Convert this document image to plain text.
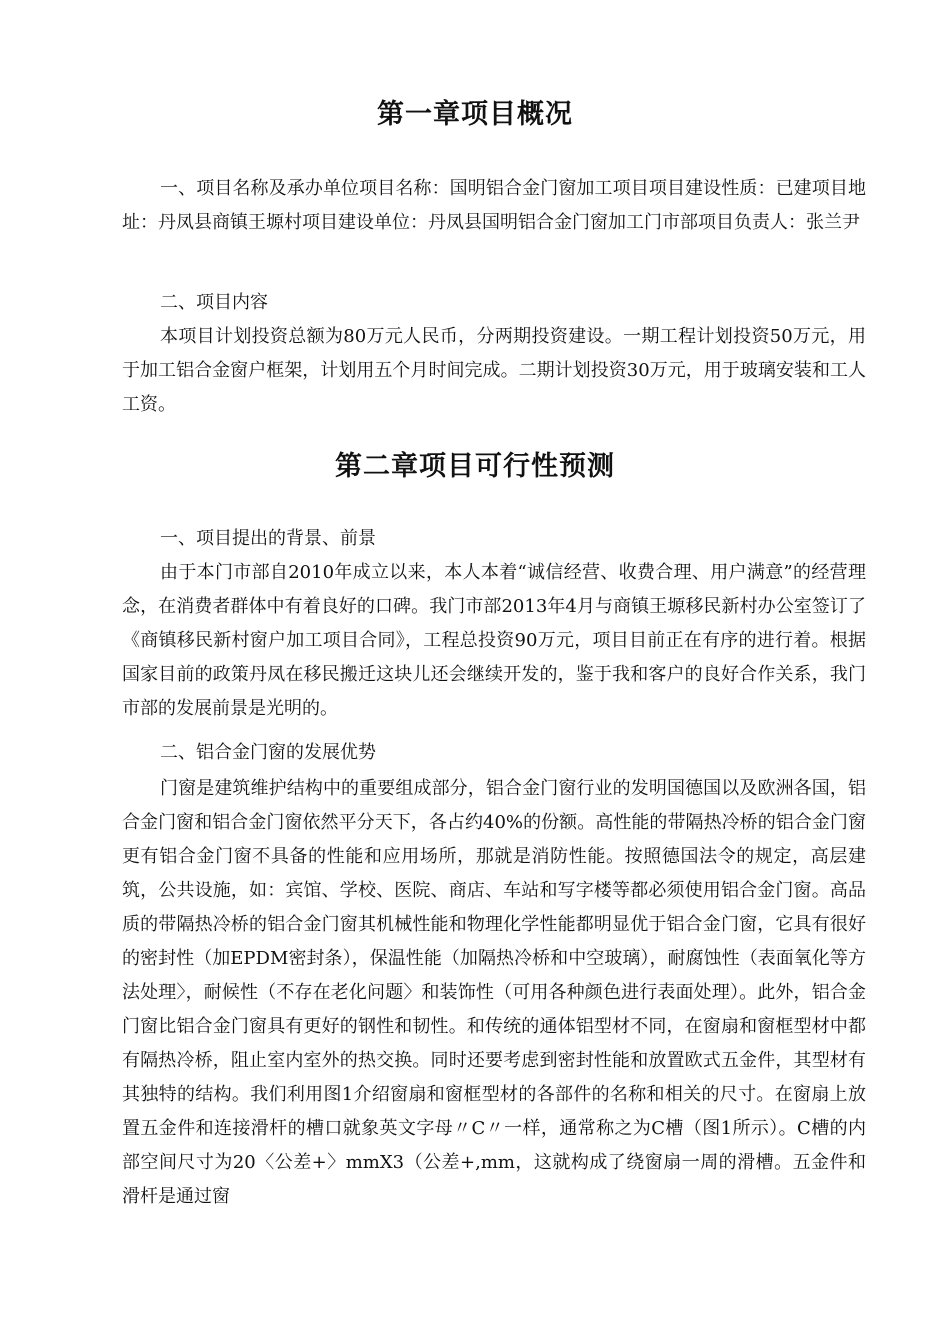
第一章项目概况

一、项目名称及承办单位项目名称：国明铝合金门窗加工项目项目建设性质：已建项目地址：丹凤县商镇王塬村项目建设单位：丹凤县国明铝合金门窗加工门市部项目负责人：张兰尹

二、项目内容

本项目计划投资总额为80万元人民币，分两期投资建设。一期工程计划投资50万元，用于加工铝合金窗户框架，计划用五个月时间完成。二期计划投资30万元，用于玻璃安装和工人工资。

第二章项目可行性预测

一、项目提出的背景、前景

由于本门市部自2010年成立以来，本人本着“诚信经营、收费合理、用户满意”的经营理念，在消费者群体中有着良好的口碑。我门市部2013年4月与商镇王塬移民新村办公室签订了《商镇移民新村窗户加工项目合同》，工程总投资90万元，项目目前正在有序的进行着。根据国家目前的政策丹凤在移民搬迁这块儿还会继续开发的，鉴于我和客户的良好合作关系，我门市部的发展前景是光明的。

二、铝合金门窗的发展优势

门窗是建筑维护结构中的重要组成部分，铝合金门窗行业的发明国德国以及欧洲各国，铝合金门窗和铝合金门窗依然平分天下，各占约40%的份额。高性能的带隔热冷桥的铝合金门窗更有铝合金门窗不具备的性能和应用场所，那就是消防性能。按照德国法令的规定，高层建筑，公共设施，如：宾馆、学校、医院、商店、车站和写字楼等都必须使用铝合金门窗。高品质的带隔热冷桥的铝合金门窗其机械性能和物理化学性能都明显优于铝合金门窗，它具有很好的密封性（加EPDM密封条），保温性能（加隔热冷桥和中空玻璃），耐腐蚀性（表面氧化等方法处理〉，耐候性（不存在老化问题〉和装饰性（可用各种颜色进行表面处理）。此外，铝合金门窗比铝合金门窗具有更好的钢性和韧性。和传统的通体铝型材不同，在窗扇和窗框型材中都有隔热冷桥，阻止室内室外的热交换。同时还要考虑到密封性能和放置欧式五金件，其型材有其独特的结构。我们利用图1介绍窗扇和窗框型材的各部件的名称和相关的尺寸。在窗扇上放置五金件和连接滑杆的槽口就象英文字母〃C〃一样，通常称之为C槽（图1所示）。C槽的内部空间尺寸为20〈公差+〉mmX3（公差+,mm，这就构成了绕窗扇一周的滑槽。五金件和滑杆是通过窗
